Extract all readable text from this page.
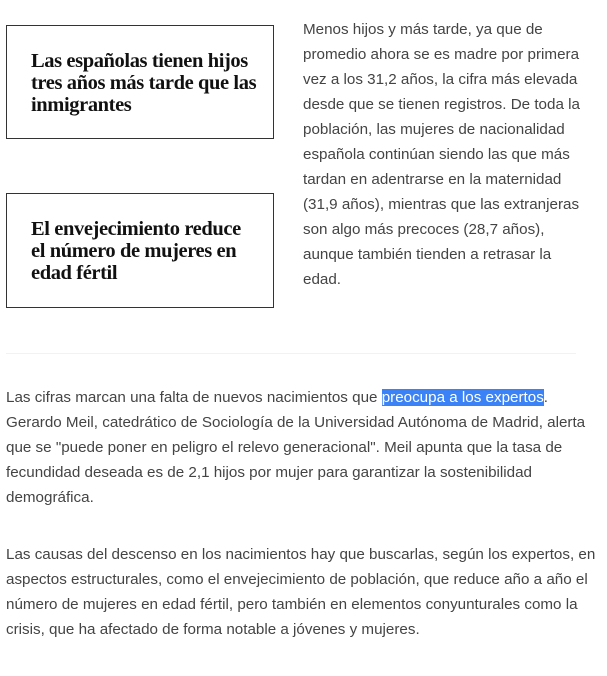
Las españolas tienen hijos tres años más tarde que las inmigrantes
El envejecimiento reduce el número de mujeres en edad fértil

Menos hijos y más tarde, ya que de promedio ahora se es madre por primera vez a los 31,2 años, la cifra más elevada desde que se tienen registros. De toda la población, las mujeres de nacionalidad española continúan siendo las que más tardan en adentrarse en la maternidad (31,9 años), mientras que las extranjeras son algo más precoces (28,7 años), aunque también tienden a retrasar la edad.

Las cifras marcan una falta de nuevos nacimientos que preocupa a los expertos. Gerardo Meil, catedrático de Sociología de la Universidad Autónoma de Madrid, alerta que se "puede poner en peligro el relevo generacional". Meil apunta que la tasa de fecundidad deseada es de 2,1 hijos por mujer para garantizar la sostenibilidad demográfica.

Las causas del descenso en los nacimientos hay que buscarlas, según los expertos, en aspectos estructurales, como el envejecimiento de población, que reduce año a año el número de mujeres en edad fértil, pero también en elementos conyunturales como la crisis, que ha afectado de forma notable a jóvenes y mujeres.
